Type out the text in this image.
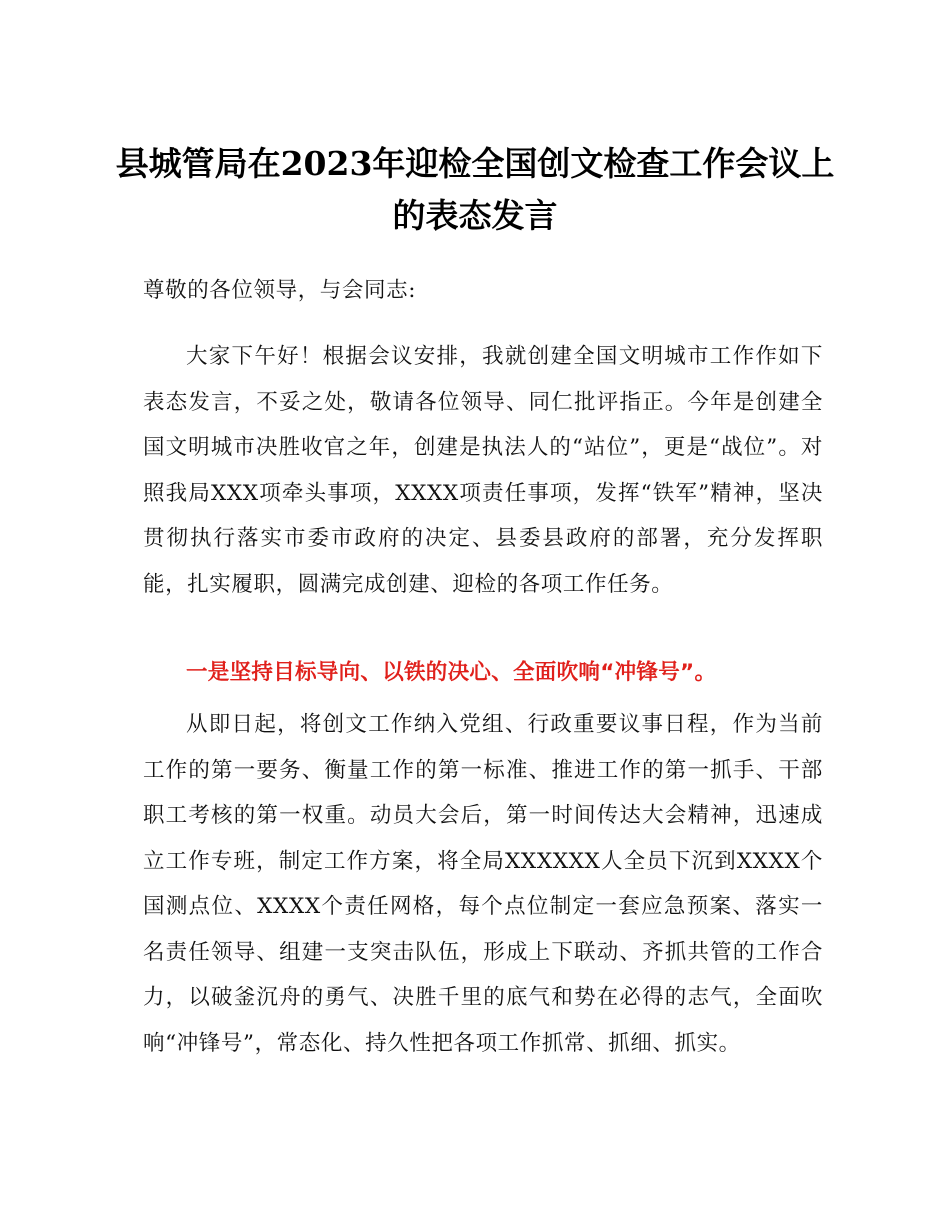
县城管局在2023年迎检全国创文检查工作会议上的表态发言

尊敬的各位领导，与会同志:

大家下午好！根据会议安排，我就创建全国文明城市工作作如下表态发言，不妥之处，敬请各位领导、同仁批评指正。今年是创建全国文明城市决胜收官之年，创建是执法人的“站位”，更是“战位”。对照我局XXX项牵头事项，XXXX项责任事项，发挥“铁军”精神，坚决贯彻执行落实市委市政府的决定、县委县政府的部署，充分发挥职能，扎实履职，圆满完成创建、迎检的各项工作任务。

一是坚持目标导向、以铁的决心、全面吹响“冲锋号”。

从即日起，将创文工作纳入党组、行政重要议事日程，作为当前工作的第一要务、衡量工作的第一标准、推进工作的第一抓手、干部职工考核的第一权重。动员大会后，第一时间传达大会精神，迅速成立工作专班，制定工作方案，将全局XXXXXX人全员下沉到XXXX个国测点位、XXXX个责任网格，每个点位制定一套应急预案、落实一名责任领导、组建一支突击队伍，形成上下联动、齐抓共管的工作合力，以破釜沉舟的勇气、决胜千里的底气和势在必得的志气，全面吹响“冲锋号”，常态化、持久性把各项工作抓常、抓细、抓实。
